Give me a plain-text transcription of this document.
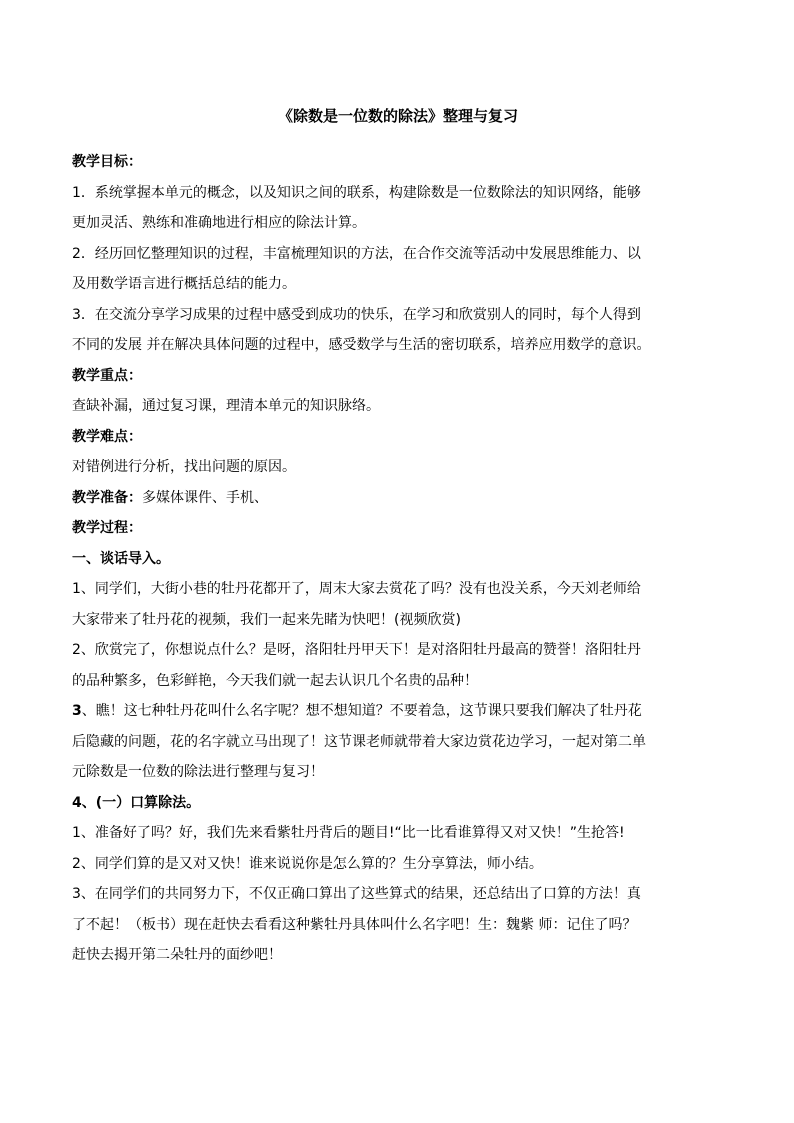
《除数是一位数的除法》整理与复习

教学目标：

1．系统掌握本单元的概念，以及知识之间的联系，构建除数是一位数除法的知识网络，能够

更加灵活、熟练和准确地进行相应的除法计算。

2．经历回忆整理知识的过程，丰富梳理知识的方法，在合作交流等活动中发展思维能力、以

及用数学语言进行概括总结的能力。

3．在交流分享学习成果的过程中感受到成功的快乐，在学习和欣赏别人的同时，每个人得到

不同的发展 并在解决具体问题的过程中，感受数学与生活的密切联系，培养应用数学的意识。

教学重点：

查缺补漏，通过复习课，理清本单元的知识脉络。

教学难点：

对错例进行分析，找出问题的原因。

教学准备：多媒体课件、手机、

教学过程：

一、谈话导入。

1、同学们，大街小巷的牡丹花都开了，周末大家去赏花了吗？没有也没关系，今天刘老师给

大家带来了牡丹花的视频，我们一起来先睹为快吧！(视频欣赏)

2、欣赏完了，你想说点什么？是呀，洛阳牡丹甲天下！是对洛阳牡丹最高的赞誉！洛阳牡丹

的品种繁多，色彩鲜艳，今天我们就一起去认识几个名贵的品种！

3、瞧！这七种牡丹花叫什么名字呢？想不想知道？不要着急，这节课只要我们解决了牡丹花

后隐藏的问题，花的名字就立马出现了！这节课老师就带着大家边赏花边学习，一起对第二单

元除数是一位数的除法进行整理与复习！

4、(一）口算除法。

1、准备好了吗？好，我们先来看紫牡丹背后的题目!“比一比看谁算得又对又快！”生抢答!

2、同学们算的是又对又快！谁来说说你是怎么算的？生分享算法，师小结。

3、在同学们的共同努力下，不仅正确口算出了这些算式的结果，还总结出了口算的方法！真

了不起！（板书）现在赶快去看看这种紫牡丹具体叫什么名字吧！生：魏紫 师：记住了吗？

赶快去揭开第二朵牡丹的面纱吧！
